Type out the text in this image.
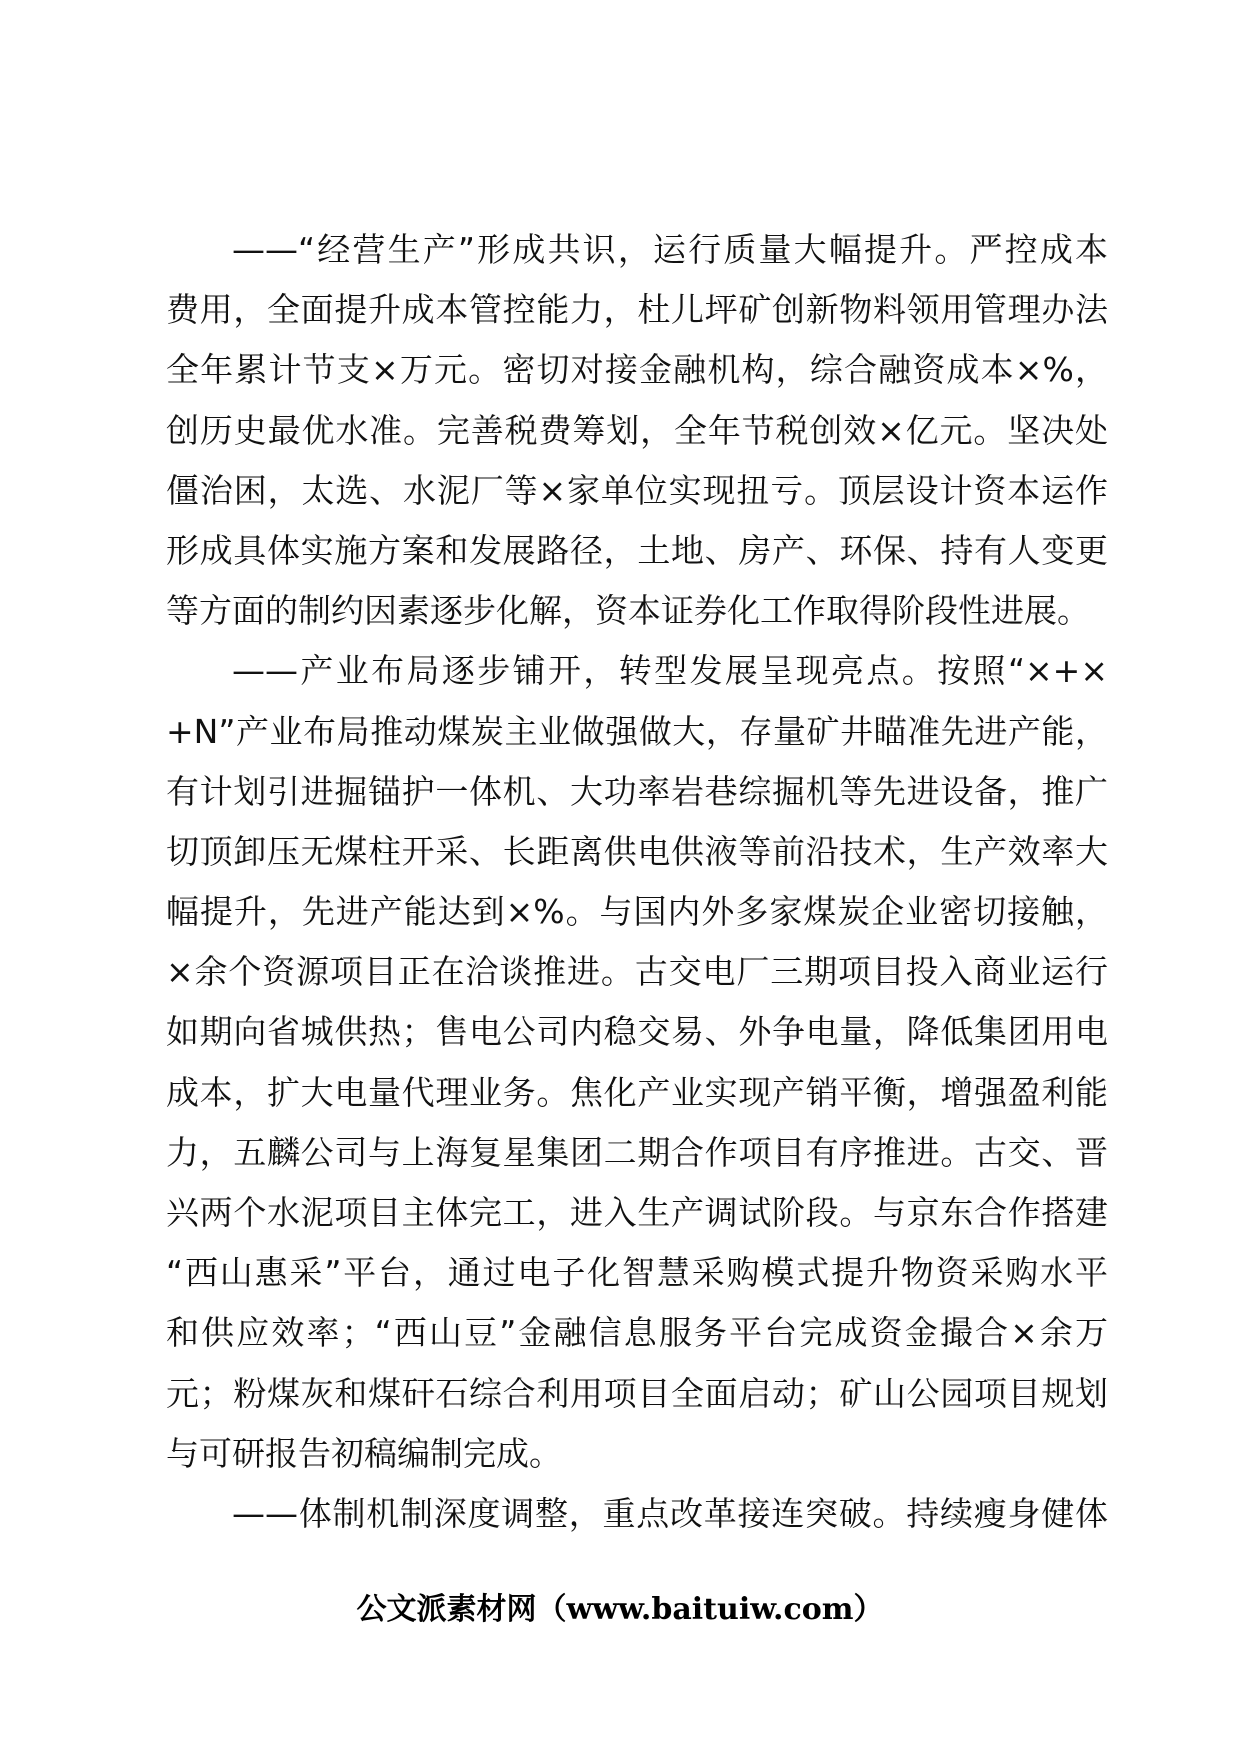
——“经营生产”形成共识，运行质量大幅提升。严控成本
费用，全面提升成本管控能力，杜儿坪矿创新物料领用管理办法
全年累计节支×万元。密切对接金融机构，综合融资成本×%，
创历史最优水准。完善税费筹划，全年节税创效×亿元。坚决处
僵治困，太选、水泥厂等×家单位实现扭亏。顶层设计资本运作
形成具体实施方案和发展路径，土地、房产、环保、持有人变更
等方面的制约因素逐步化解，资本证券化工作取得阶段性进展。
——产业布局逐步铺开，转型发展呈现亮点。按照“×+×
+N”产业布局推动煤炭主业做强做大，存量矿井瞄准先进产能，
有计划引进掘锚护一体机、大功率岩巷综掘机等先进设备，推广
切顶卸压无煤柱开采、长距离供电供液等前沿技术，生产效率大
幅提升，先进产能达到×%。与国内外多家煤炭企业密切接触，
×余个资源项目正在洽谈推进。古交电厂三期项目投入商业运行
如期向省城供热；售电公司内稳交易、外争电量，降低集团用电
成本，扩大电量代理业务。焦化产业实现产销平衡，增强盈利能
力，五麟公司与上海复星集团二期合作项目有序推进。古交、晋
兴两个水泥项目主体完工，进入生产调试阶段。与京东合作搭建
“西山惠采”平台，通过电子化智慧采购模式提升物资采购水平
和供应效率；“西山豆”金融信息服务平台完成资金撮合×余万
元；粉煤灰和煤矸石综合利用项目全面启动；矿山公园项目规划
与可研报告初稿编制完成。
——体制机制深度调整，重点改革接连突破。持续瘦身健体
公文派素材网（www.baituiw.com）
